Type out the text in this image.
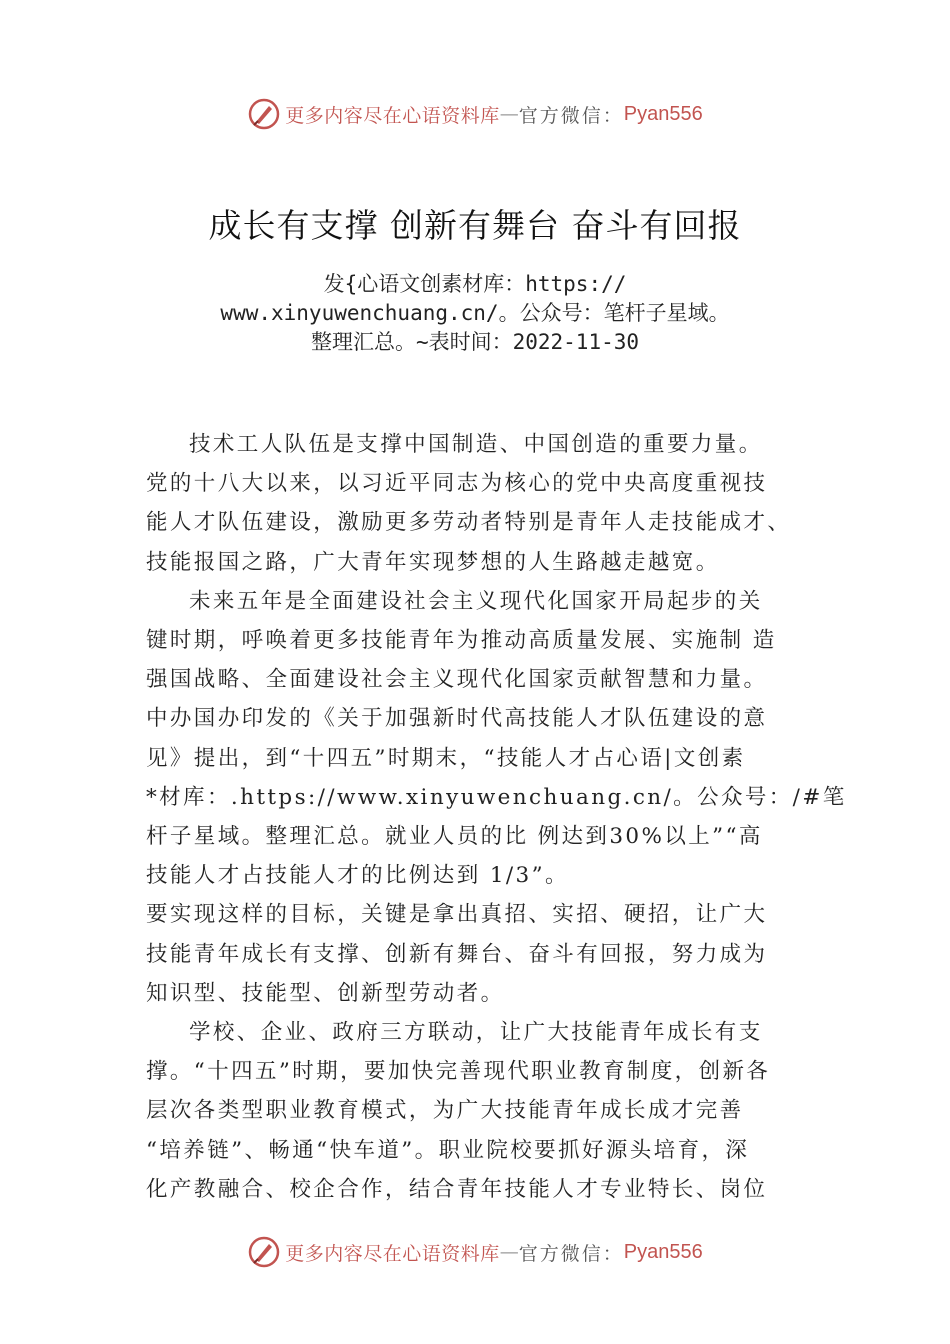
更多内容尽在心语资料库 — 官方微信： Pyan556
成长有支撑 创新有舞台 奋斗有回报
发{心语文创素材库：https://
www.xinyuwenchuang.cn/。公众号：笔杆子星域。
整理汇总。~表时间：2022-11-30

技术工人队伍是支撑中国制造、中国创造的重要力量。
党的十八大以来，以习近平同志为核心的党中央高度重视技
能人才队伍建设，激励更多劳动者特别是青年人走技能成才、
技能报国之路，广大青年实现梦想的人生路越走越宽。

未来五年是全面建设社会主义现代化国家开局起步的关
键时期，呼唤着更多技能青年为推动高质量发展、实施制 造
强国战略、全面建设社会主义现代化国家贡献智慧和力量。
中办国办印发的《关于加强新时代高技能人才队伍建设的意
见》提出，到“十四五”时期末，“技能人才占心语|文创素
*材库：.https://www.xinyuwenchuang.cn/。公众号：/#笔
杆子星域。整理汇总。就业人员的比 例达到30%以上”“高
技能人才占技能人才的比例达到 1/3”。

要实现这样的目标，关键是拿出真招、实招、硬招，让广大
技能青年成长有支撑、创新有舞台、奋斗有回报，努力成为
知识型、技能型、创新型劳动者。

学校、企业、政府三方联动，让广大技能青年成长有支
撑。“十四五”时期，要加快完善现代职业教育制度，创新各
层次各类型职业教育模式，为广大技能青年成长成才完善
“培养链”、畅通“快车道”。职业院校要抓好源头培育，深
化产教融合、校企合作，结合青年技能人才专业特长、岗位

更多内容尽在心语资料库 — 官方微信： Pyan556
